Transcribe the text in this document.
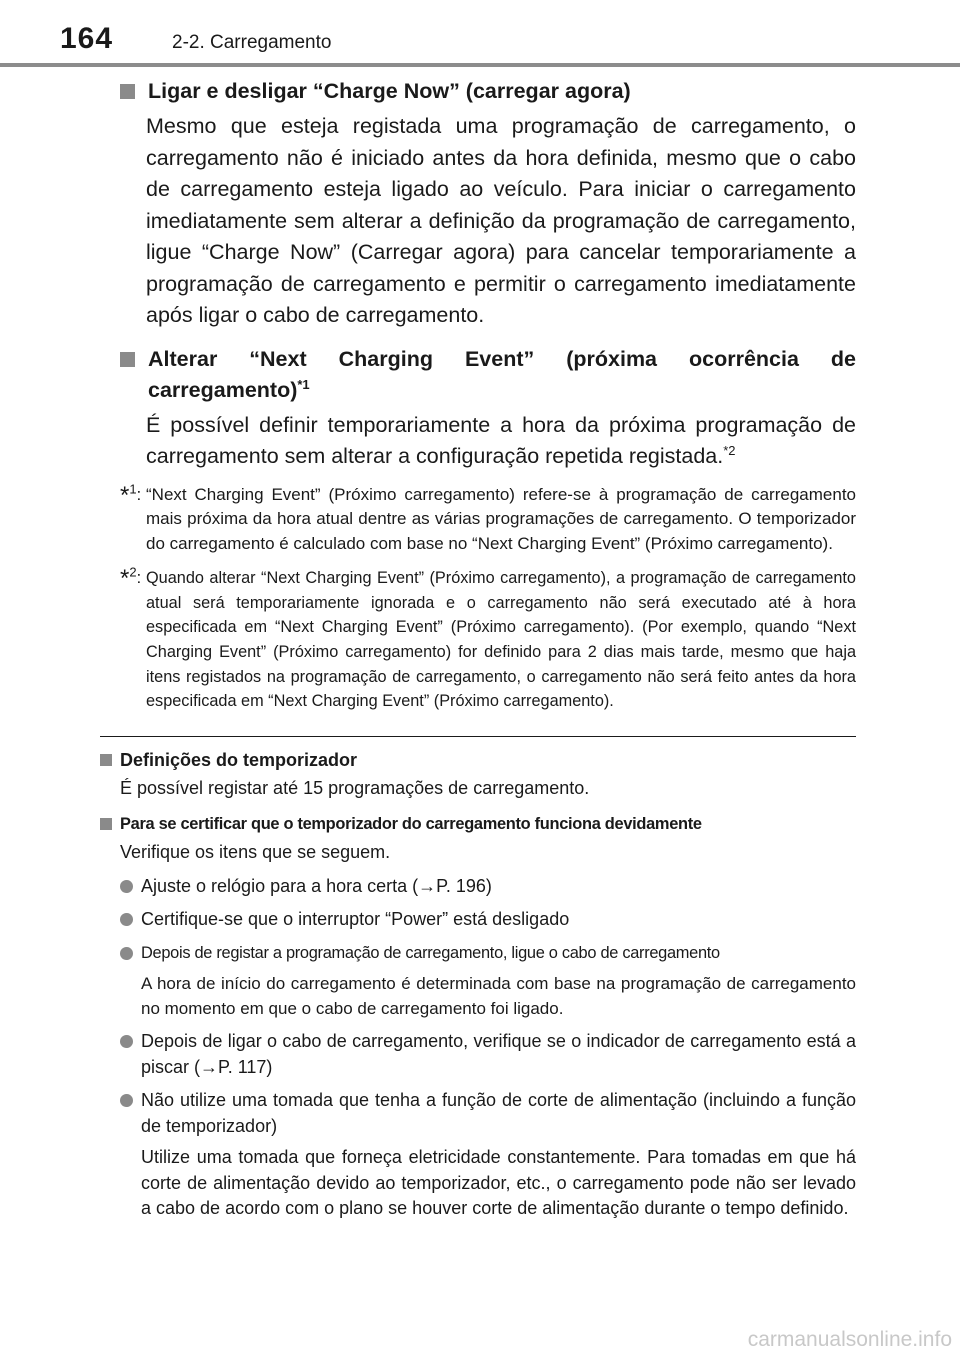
164	2-2. Carregamento
Ligar e desligar “Charge Now” (carregar agora)
Mesmo que esteja registada uma programação de carregamento, o carregamento não é iniciado antes da hora definida, mesmo que o cabo de carregamento esteja ligado ao veículo. Para iniciar o carregamento imediatamente sem alterar a definição da programação de carregamento, ligue “Charge Now” (Carregar agora) para cancelar temporariamente a programação de carregamento e permitir o carregamento imediatamente após ligar o cabo de carregamento.
Alterar “Next Charging Event” (próxima ocorrência de carregamento)$^{*1}$
É possível definir temporariamente a hora da próxima programação de carregamento sem alterar a configuração repetida registada.$^{*2}$
*$^1$: “Next Charging Event” (Próximo carregamento) refere-se à programação de carregamento mais próxima da hora atual dentre as várias programações de carregamento. O temporizador do carregamento é calculado com base no “Next Charging Event” (Próximo carregamento).
*$^2$: Quando alterar “Next Charging Event” (Próximo carregamento), a programação de carregamento atual será temporariamente ignorada e o carregamento não será executado até à hora especificada em “Next Charging Event” (Próximo carregamento). (Por exemplo, quando “Next Charging Event” (Próximo carregamento) for definido para 2 dias mais tarde, mesmo que haja itens registados na programação de carregamento, o carregamento não será feito antes da hora especificada em “Next Charging Event” (Próximo carregamento).
Definições do temporizador
É possível registar até 15 programações de carregamento.
Para se certificar que o temporizador do carregamento funciona devidamente
Verifique os itens que se seguem.
Ajuste o relógio para a hora certa (→P. 196)
Certifique-se que o interruptor “Power” está desligado
Depois de registar a programação de carregamento, ligue o cabo de carregamento
A hora de início do carregamento é determinada com base na programação de carregamento no momento em que o cabo de carregamento foi ligado.
Depois de ligar o cabo de carregamento, verifique se o indicador de carregamento está a piscar (→P. 117)
Não utilize uma tomada que tenha a função de corte de alimentação (incluindo a função de temporizador)
Utilize uma tomada que forneça eletricidade constantemente. Para tomadas em que há corte de alimentação devido ao temporizador, etc., o carregamento pode não ser levado a cabo de acordo com o plano se houver corte de alimentação durante o tempo definido.
carmanualsonline.info
